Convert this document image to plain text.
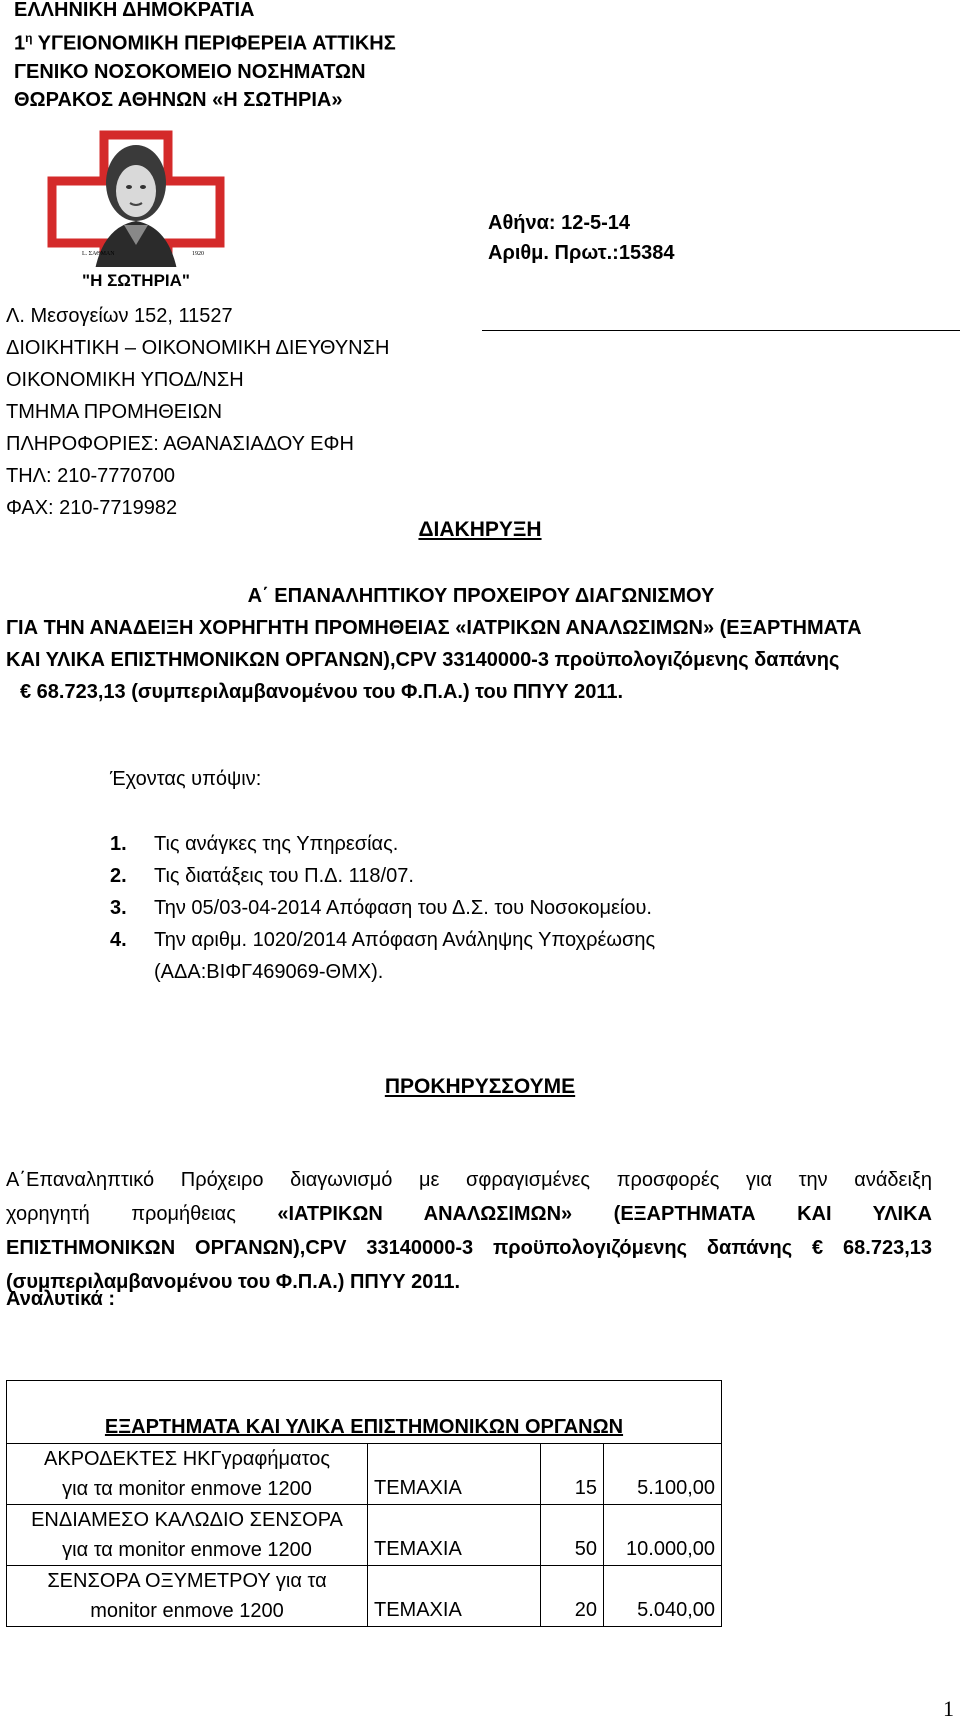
ΕΛΛΗΝΙΚΗ ΔΗΜΟΚΡΑΤΙΑ
$1^\eta$ ΥΓΕΙΟΝΟΜΙΚΗ ΠΕΡΙΦΕΡΕΙΑ ΑΤΤΙΚΗΣ
ΓΕΝΙΚΟ ΝΟΣΟΚΟΜΕΙΟ ΝΟΣΗΜΑΤΩΝ
ΘΩΡΑΚΟΣ ΑΘΗΝΩΝ «Η ΣΩΤΗΡΙΑ»
L. ΣΑΘΜΑΝ	1920
"Η ΣΩΤΗΡΙΑ"
Αθήνα: 12-5-14
Αριθμ. Πρωτ.:15384
Λ. Μεσογείων 152, 11527
ΔΙΟΙΚΗΤΙΚΗ – ΟΙΚΟΝΟΜΙΚΗ ΔΙΕΥΘΥΝΣΗ
ΟΙΚΟΝΟΜΙΚΗ ΥΠΟΔ/ΝΣΗ
ΤΜΗΜΑ ΠΡΟΜΗΘΕΙΩΝ
ΠΛΗΡΟΦΟΡΙΕΣ: ΑΘΑΝΑΣΙΑΔΟΥ ΕΦΗ
ΤΗΛ: 210-7770700
ΦΑΧ: 210-7719982
ΔΙΑΚΗΡΥΞΗ
Α΄ ΕΠΑΝΑΛΗΠΤΙΚΟΥ ΠΡΟΧΕΙΡΟΥ ΔΙΑΓΩΝΙΣΜΟΥ
ΓΙΑ ΤΗΝ ΑΝΑΔΕΙΞΗ ΧΟΡΗΓΗΤΗ ΠΡΟΜΗΘΕΙΑΣ «ΙΑΤΡΙΚΩΝ ΑΝΑΛΩΣΙΜΩΝ» (ΕΞΑΡΤΗΜΑΤΑ
ΚΑΙ ΥΛΙΚΑ ΕΠΙΣΤΗΜΟΝΙΚΩΝ ΟΡΓΑΝΩΝ),CPV 33140000-3 προϋπολογιζόμενης δαπάνης
€ 68.723,13 (συμπεριλαμβανομένου του Φ.Π.Α.) του ΠΠΥΥ 2011.
Έχοντας υπόψιν:
1. Τις ανάγκες της Υπηρεσίας.
2. Τις διατάξεις του Π.Δ. 118/07.
3. Την 05/03-04-2014 Απόφαση του Δ.Σ. του Νοσοκομείου.
4. Την αριθμ. 1020/2014 Απόφαση Ανάληψης Υποχρέωσης
(ΑΔΑ:ΒΙΦΓ469069-ΘΜΧ).
ΠΡΟΚΗΡΥΣΣΟΥΜΕ
Α΄Επαναληπτικό Πρόχειρο διαγωνισμό με σφραγισμένες προσφορές για την ανάδειξη
χορηγητή προμήθειας «ΙΑΤΡΙΚΩΝ ΑΝΑΛΩΣΙΜΩΝ» (ΕΞΑΡΤΗΜΑΤΑ ΚΑΙ ΥΛΙΚΑ
ΕΠΙΣΤΗΜΟΝΙΚΩΝ ΟΡΓΑΝΩΝ),CPV 33140000-3 προϋπολογιζόμενης δαπάνης € 68.723,13
(συμπεριλαμβανομένου του Φ.Π.Α.) ΠΠΥΥ 2011.
Αναλυτικά :
ΕΞΑΡΤΗΜΑΤΑ ΚΑΙ ΥΛΙΚΑ ΕΠΙΣΤΗΜΟΝΙΚΩΝ ΟΡΓΑΝΩΝ			
ΑΚΡΟΔΕΚΤΕΣ ΗΚΓγραφήματος
για τα monitor enmove 1200	ΤΕΜΑΧΙΑ	15	5.100,00
ΕΝΔΙΑΜΕΣΟ ΚΑΛΩΔΙΟ ΣΕΝΣΟΡΑ
για τα monitor enmove 1200	ΤΕΜΑΧΙΑ	50	10.000,00
ΣΕΝΣΟΡΑ ΟΞΥΜΕΤΡΟΥ για τα
monitor enmove 1200	ΤΕΜΑΧΙΑ	20	5.040,00
1
